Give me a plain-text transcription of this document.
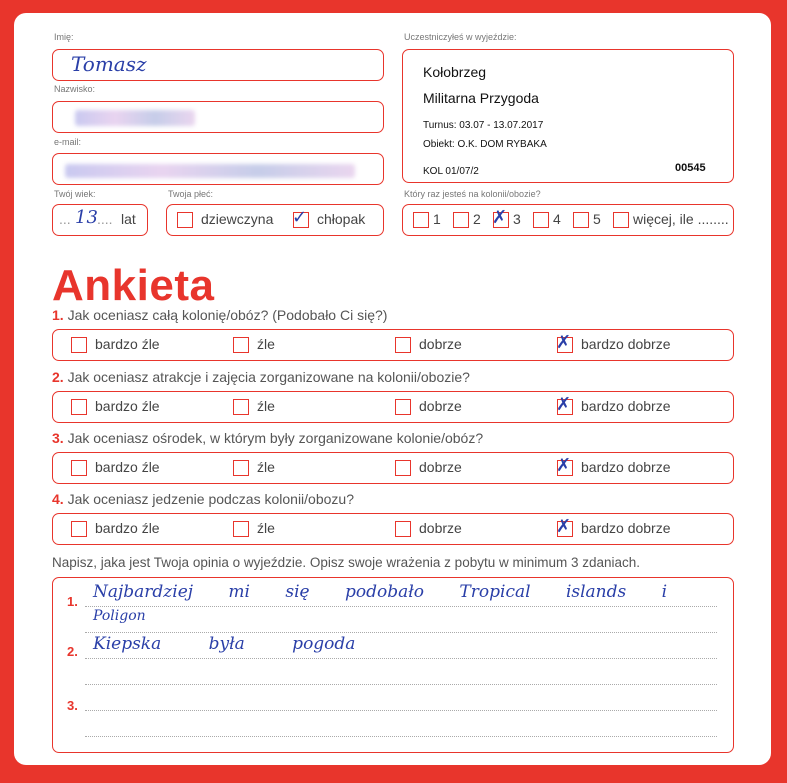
Imię:
Tomasz
Nazwisko:
e-mail:
Twój wiek:
... 13 .... lat
Twoja płeć:
dziewczyna ✓ chłopak
Uczestniczyłeś w wyjeździe:
Kołobrzeg
Militarna Przygoda
Turnus: 03.07 - 13.07.2017
Obiekt: O.K. DOM RYBAKA
KOL 01/07/2	00545
Który raz jesteś na kolonii/obozie?
1 2 ✗ 3 4 5 więcej, ile ........
Ankieta
1. Jak oceniasz całą kolonię/obóz? (Podobało Ci się?)
bardzo źle	źle	dobrze	✗ bardzo dobrze
2. Jak oceniasz atrakcje i zajęcia zorganizowane na kolonii/obozie?
bardzo źle	źle	dobrze	✗ bardzo dobrze
3. Jak oceniasz ośrodek, w którym były zorganizowane kolonie/obóz?
bardzo źle	źle	dobrze	✗ bardzo dobrze
4. Jak oceniasz jedzenie podczas kolonii/obozu?
bardzo źle	źle	dobrze	✗ bardzo dobrze
Napisz, jaka jest Twoja opinia o wyjeździe. Opisz swoje wrażenia z pobytu w minimum 3 zdaniach.
1.
2.
3.
Najbardziej mi się podobało Tropical islands i
Poligon
Kiepska była pogoda
